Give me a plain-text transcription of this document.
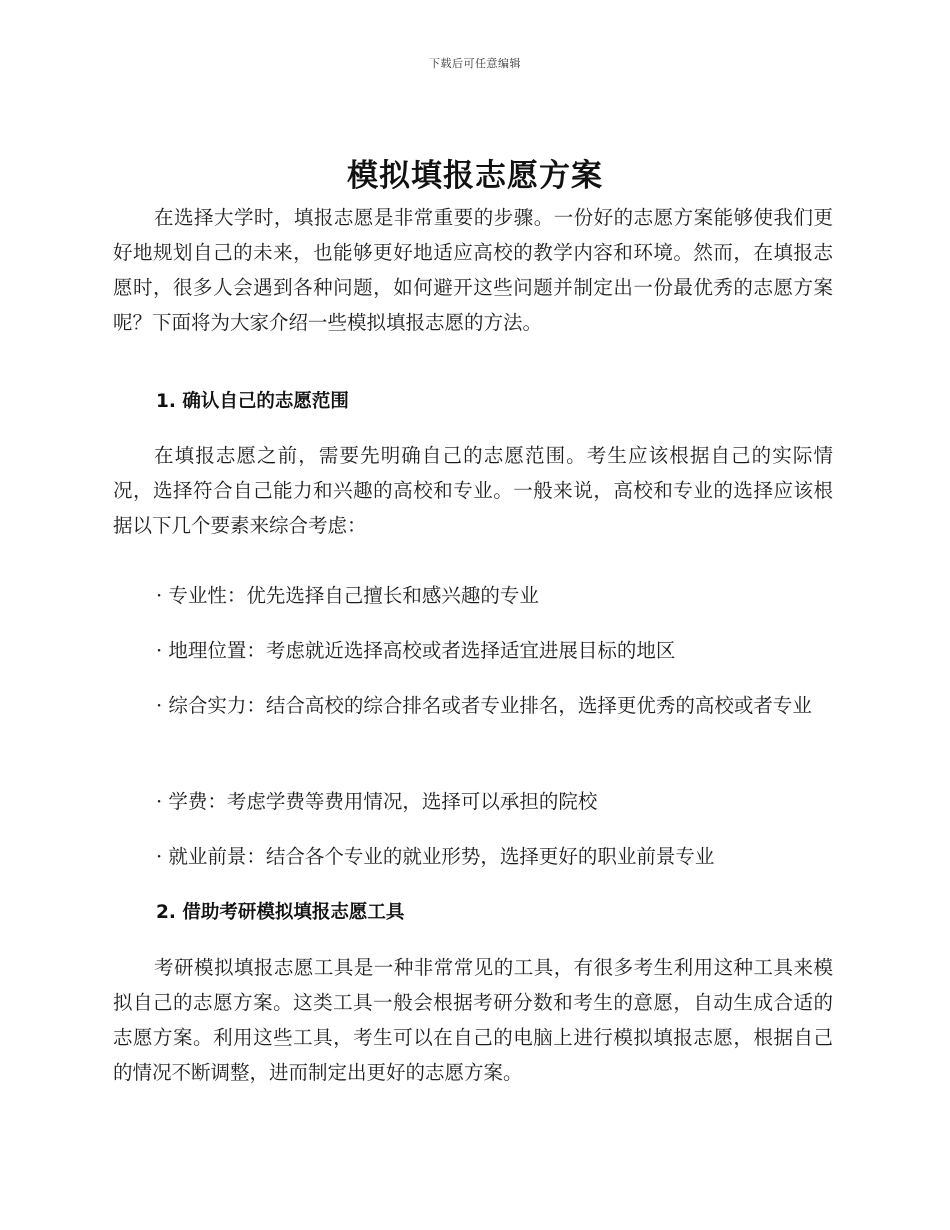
下载后可任意编辑
模拟填报志愿方案

在选择大学时，填报志愿是非常重要的步骤。一份好的志愿方案能够使我们更好地规划自己的未来，也能够更好地适应高校的教学内容和环境。然而，在填报志愿时，很多人会遇到各种问题，如何避开这些问题并制定出一份最优秀的志愿方案呢？下面将为大家介绍一些模拟填报志愿的方法。

1. 确认自己的志愿范围

在填报志愿之前，需要先明确自己的志愿范围。考生应该根据自己的实际情况，选择符合自己能力和兴趣的高校和专业。一般来说，高校和专业的选择应该根据以下几个要素来综合考虑：

· 专业性：优先选择自己擅长和感兴趣的专业

· 地理位置：考虑就近选择高校或者选择适宜进展目标的地区

· 综合实力：结合高校的综合排名或者专业排名，选择更优秀的高校或者专业

· 学费：考虑学费等费用情况，选择可以承担的院校

· 就业前景：结合各个专业的就业形势，选择更好的职业前景专业

2. 借助考研模拟填报志愿工具

考研模拟填报志愿工具是一种非常常见的工具，有很多考生利用这种工具来模拟自己的志愿方案。这类工具一般会根据考研分数和考生的意愿，自动生成合适的志愿方案。利用这些工具，考生可以在自己的电脑上进行模拟填报志愿，根据自己的情况不断调整，进而制定出更好的志愿方案。
